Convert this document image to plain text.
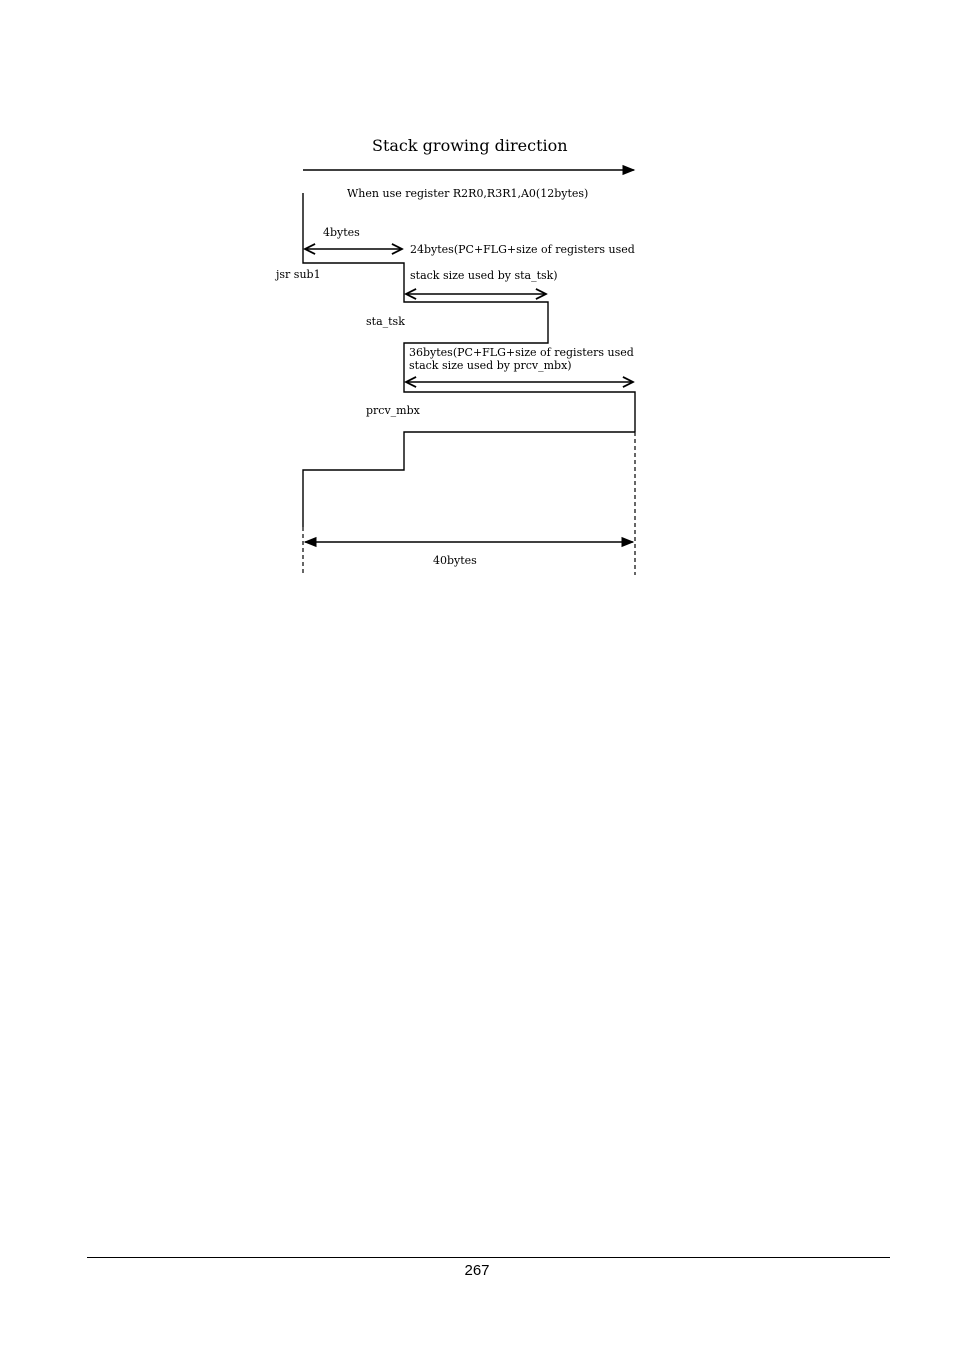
Stack growing direction
When use register R2R0,R3R1,A0(12bytes)
4bytes
jsr sub1
24bytes(PC+FLG+size of registers used
stack size used by sta_tsk)
sta_tsk
36bytes(PC+FLG+size of registers used
stack size used by prcv_mbx)
prcv_mbx
40bytes
267
